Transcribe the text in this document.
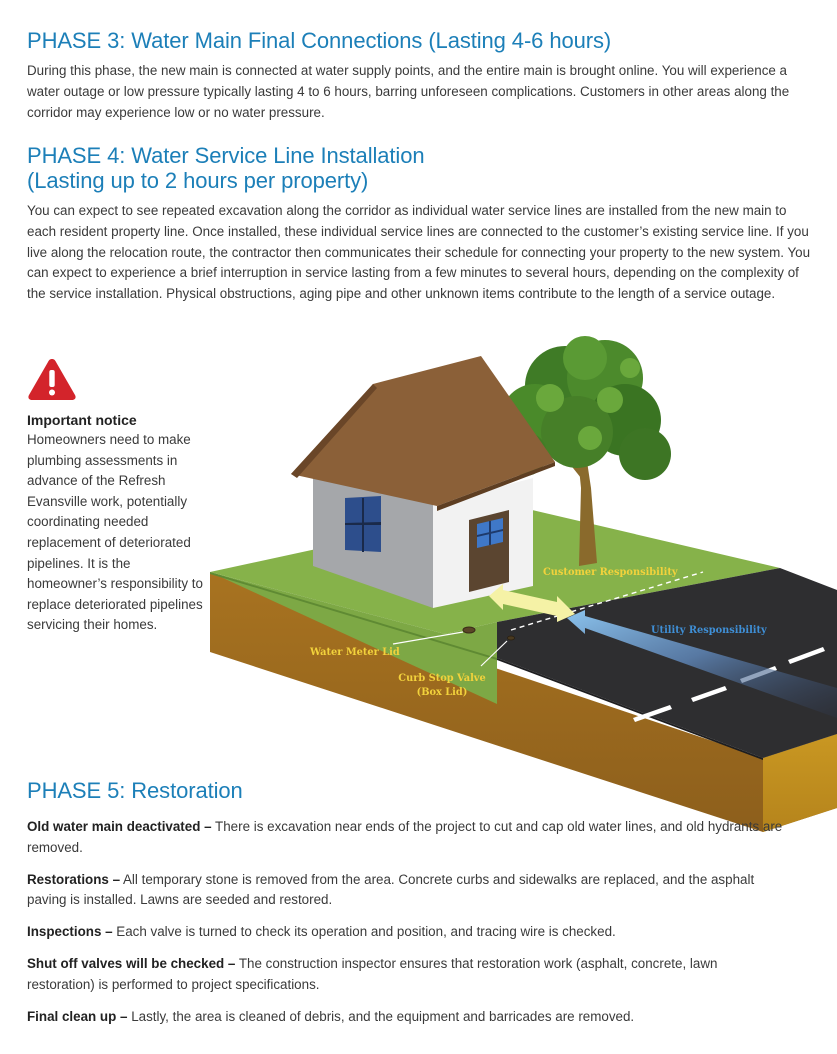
PHASE 3: Water Main Final Connections (Lasting 4-6 hours)

During this phase, the new main is connected at water supply points, and the entire main is brought online. You will experience a water outage or low pressure typically lasting 4 to 6 hours, barring unforeseen complications. Customers in other areas along the corridor may experience low or no water pressure.

PHASE 4: Water Service Line Installation
(Lasting up to 2 hours per property)

You can expect to see repeated excavation along the corridor as individual water service lines are installed from the new main to each resident property line. Once installed, these individual service lines are connected to the customer’s existing service line. If you live along the relocation route, the contractor then communicates their schedule for connecting your property to the new system. You can expect to experience a brief interruption in service lasting from a few minutes to several hours, depending on the complexity of the service installation. Physical obstructions, aging pipe and other unknown items contribute to the length of a service outage.

Important notice
Homeowners need to make plumbing assessments in advance of the Refresh Evansville work, potentially coordinating needed replacement of deteriorated pipelines. It is the homeowner’s responsibility to replace deteriorated pipelines servicing their homes.
Customer Responsibility
Utility Responsibility
Water Meter Lid
Curb Stop Valve
(Box Lid)
PHASE 5: Restoration

Old water main deactivated – There is excavation near ends of the project to cut and cap old water lines, and old hydrants are removed.

Restorations – All temporary stone is removed from the area. Concrete curbs and sidewalks are replaced, and the asphalt paving is installed. Lawns are seeded and restored.

Inspections – Each valve is turned to check its operation and position, and tracing wire is checked.

Shut off valves will be checked – The construction inspector ensures that restoration work (asphalt, concrete, lawn restoration) is performed to project specifications.

Final clean up – Lastly, the area is cleaned of debris, and the equipment and barricades are removed.
